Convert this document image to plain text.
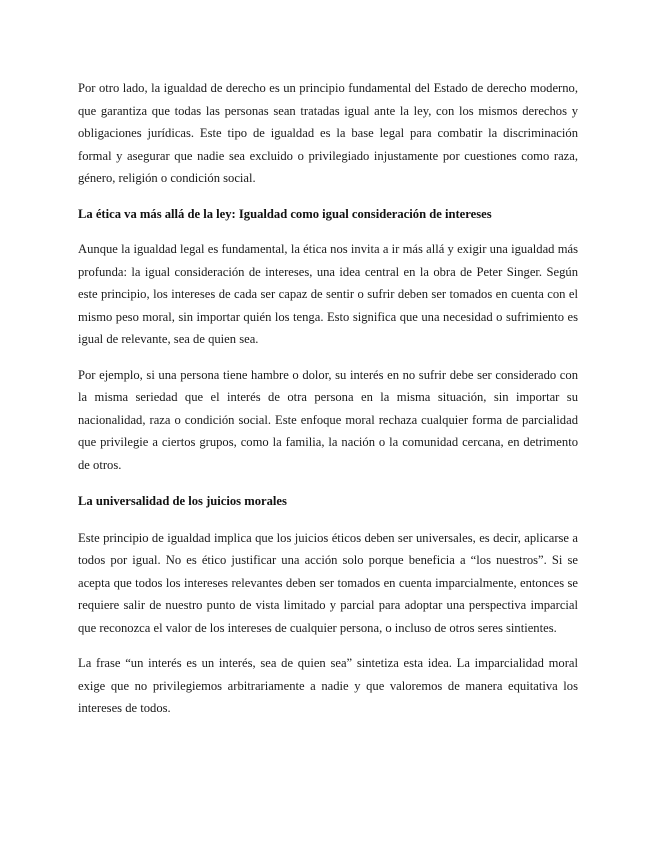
Por otro lado, la igualdad de derecho es un principio fundamental del Estado de derecho moderno, que garantiza que todas las personas sean tratadas igual ante la ley, con los mismos derechos y obligaciones jurídicas. Este tipo de igualdad es la base legal para combatir la discriminación formal y asegurar que nadie sea excluido o privilegiado injustamente por cuestiones como raza, género, religión o condición social.

La ética va más allá de la ley: Igualdad como igual consideración de intereses

Aunque la igualdad legal es fundamental, la ética nos invita a ir más allá y exigir una igualdad más profunda: la igual consideración de intereses, una idea central en la obra de Peter Singer. Según este principio, los intereses de cada ser capaz de sentir o sufrir deben ser tomados en cuenta con el mismo peso moral, sin importar quién los tenga. Esto significa que una necesidad o sufrimiento es igual de relevante, sea de quien sea.

Por ejemplo, si una persona tiene hambre o dolor, su interés en no sufrir debe ser considerado con la misma seriedad que el interés de otra persona en la misma situación, sin importar su nacionalidad, raza o condición social. Este enfoque moral rechaza cualquier forma de parcialidad que privilegie a ciertos grupos, como la familia, la nación o la comunidad cercana, en detrimento de otros.

La universalidad de los juicios morales

Este principio de igualdad implica que los juicios éticos deben ser universales, es decir, aplicarse a todos por igual. No es ético justificar una acción solo porque beneficia a “los nuestros”. Si se acepta que todos los intereses relevantes deben ser tomados en cuenta imparcialmente, entonces se requiere salir de nuestro punto de vista limitado y parcial para adoptar una perspectiva imparcial que reconozca el valor de los intereses de cualquier persona, o incluso de otros seres sintientes.

La frase “un interés es un interés, sea de quien sea” sintetiza esta idea. La imparcialidad moral exige que no privilegiemos arbitrariamente a nadie y que valoremos de manera equitativa los intereses de todos.
